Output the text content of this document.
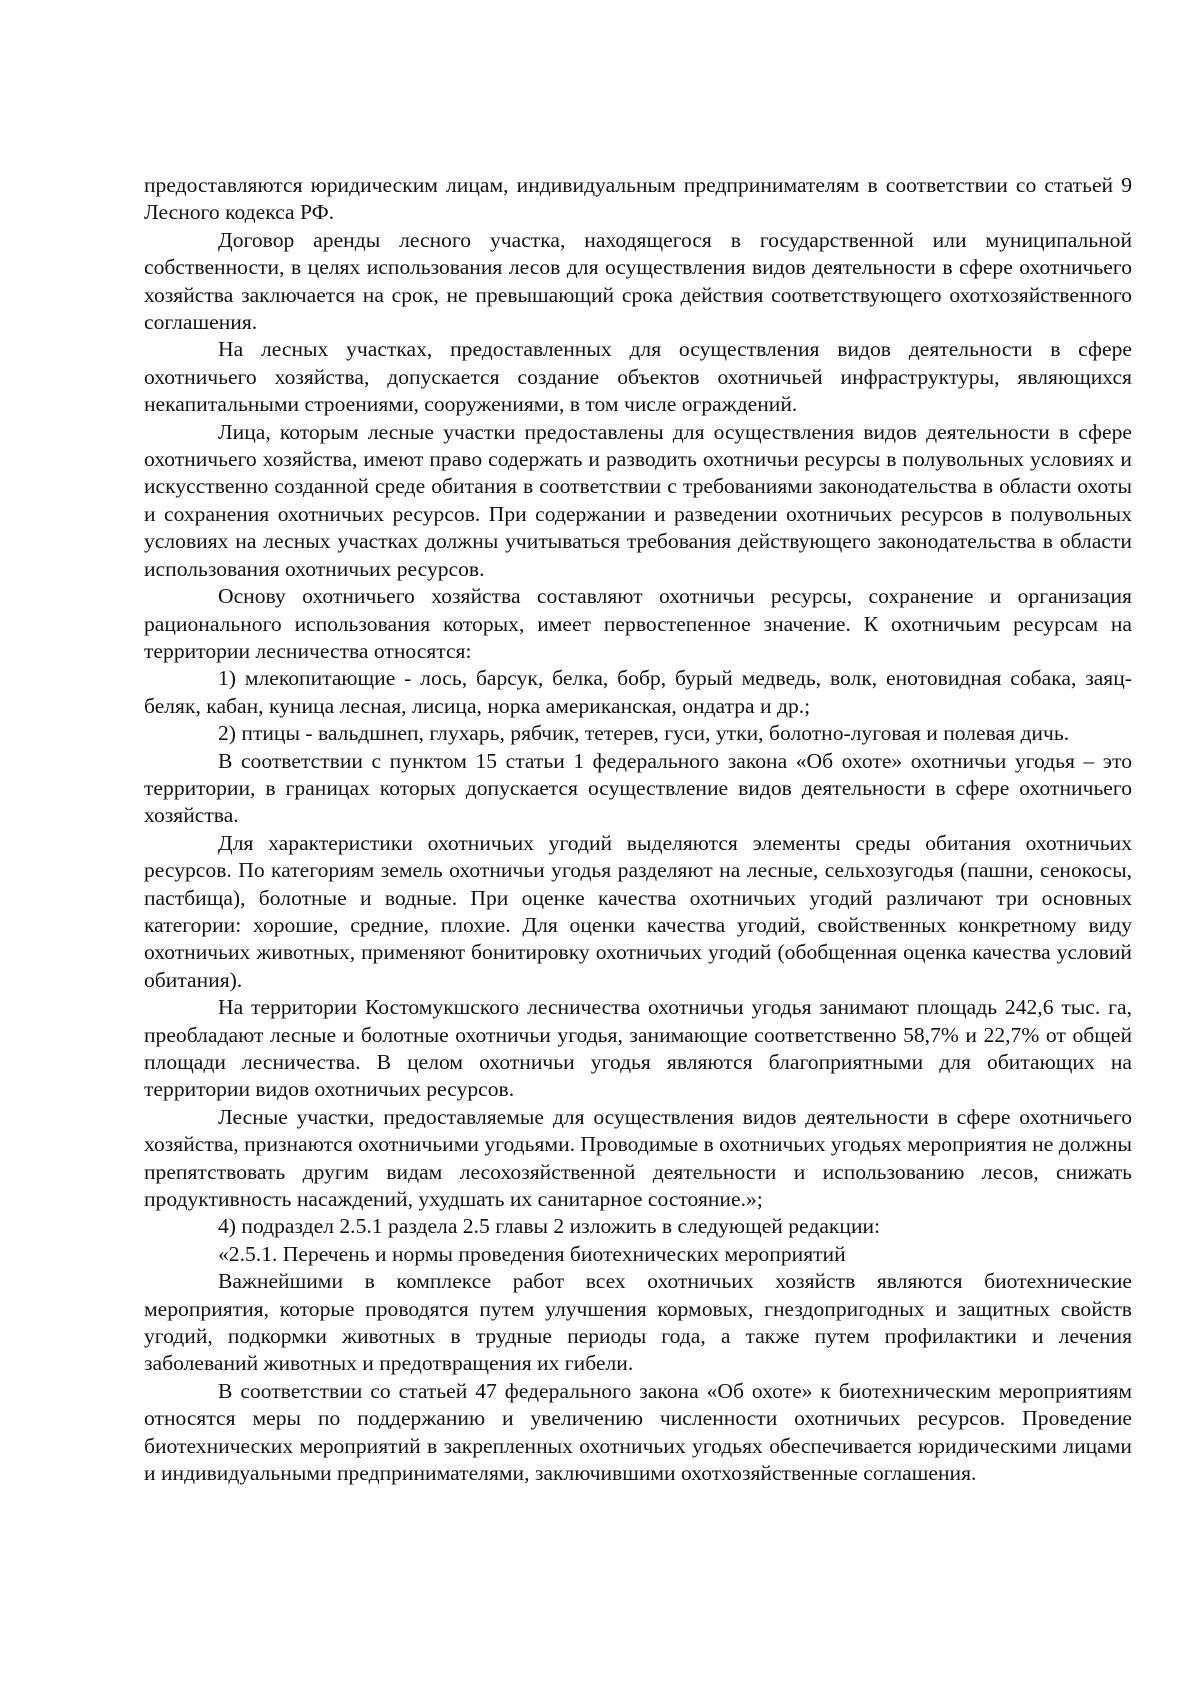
предоставляются юридическим лицам, индивидуальным предпринимателям в соответствии со статьей 9 Лесного кодекса РФ.

Договор аренды лесного участка, находящегося в государственной или муниципальной собственности, в целях использования лесов для осуществления видов деятельности в сфере охотничьего хозяйства заключается на срок, не превышающий срока действия соответствующего охотхозяйственного соглашения.

На лесных участках, предоставленных для осуществления видов деятельности в сфере охотничьего хозяйства, допускается создание объектов охотничьей инфраструктуры, являющихся некапитальными строениями, сооружениями, в том числе ограждений.

Лица, которым лесные участки предоставлены для осуществления видов деятельности в сфере охотничьего хозяйства, имеют право содержать и разводить охотничьи ресурсы в полувольных условиях и искусственно созданной среде обитания в соответствии с требованиями законодательства в области охоты и сохранения охотничьих ресурсов. При содержании и разведении охотничьих ресурсов в полувольных условиях на лесных участках должны учитываться требования действующего законодательства в области использования охотничьих ресурсов.

Основу охотничьего хозяйства составляют охотничьи ресурсы, сохранение и организация рационального использования которых, имеет первостепенное значение. К охотничьим ресурсам на территории лесничества относятся:

1) млекопитающие - лось, барсук, белка, бобр, бурый медведь, волк, енотовидная собака, заяц-беляк, кабан, куница лесная, лисица, норка американская, ондатра и др.;

2) птицы - вальдшнеп, глухарь, рябчик, тетерев, гуси, утки, болотно-луговая и полевая дичь.

В соответствии с пунктом 15 статьи 1 федерального закона «Об охоте» охотничьи угодья – это территории, в границах которых допускается осуществление видов деятельности в сфере охотничьего хозяйства.

Для характеристики охотничьих угодий выделяются элементы среды обитания охотничьих ресурсов. По категориям земель охотничьи угодья разделяют на лесные, сельхозугодья (пашни, сенокосы, пастбища), болотные и водные. При оценке качества охотничьих угодий различают три основных категории: хорошие, средние, плохие. Для оценки качества угодий, свойственных конкретному виду охотничьих животных, применяют бонитировку охотничьих угодий (обобщенная оценка качества условий обитания).

На территории Костомукшского лесничества охотничьи угодья занимают площадь 242,6 тыс. га, преобладают лесные и болотные охотничьи угодья, занимающие соответственно 58,7% и 22,7% от общей площади лесничества. В целом охотничьи угодья являются благоприятными для обитающих на территории видов охотничьих ресурсов.

Лесные участки, предоставляемые для осуществления видов деятельности в сфере охотничьего хозяйства, признаются охотничьими угодьями. Проводимые в охотничьих угодьях мероприятия не должны препятствовать другим видам лесохозяйственной деятельности и использованию лесов, снижать продуктивность насаждений, ухудшать их санитарное состояние.»;

4) подраздел 2.5.1 раздела 2.5 главы 2 изложить в следующей редакции:

«2.5.1. Перечень и нормы проведения биотехнических мероприятий

Важнейшими в комплексе работ всех охотничьих хозяйств являются биотехнические мероприятия, которые проводятся путем улучшения кормовых, гнездопригодных и защитных свойств угодий, подкормки животных в трудные периоды года, а также путем профилактики и лечения заболеваний животных и предотвращения их гибели.

В соответствии со статьей 47 федерального закона «Об охоте» к биотехническим мероприятиям относятся меры по поддержанию и увеличению численности охотничьих ресурсов. Проведение биотехнических мероприятий в закрепленных охотничьих угодьях обеспечивается юридическими лицами и индивидуальными предпринимателями, заключившими охотхозяйственные соглашения.
